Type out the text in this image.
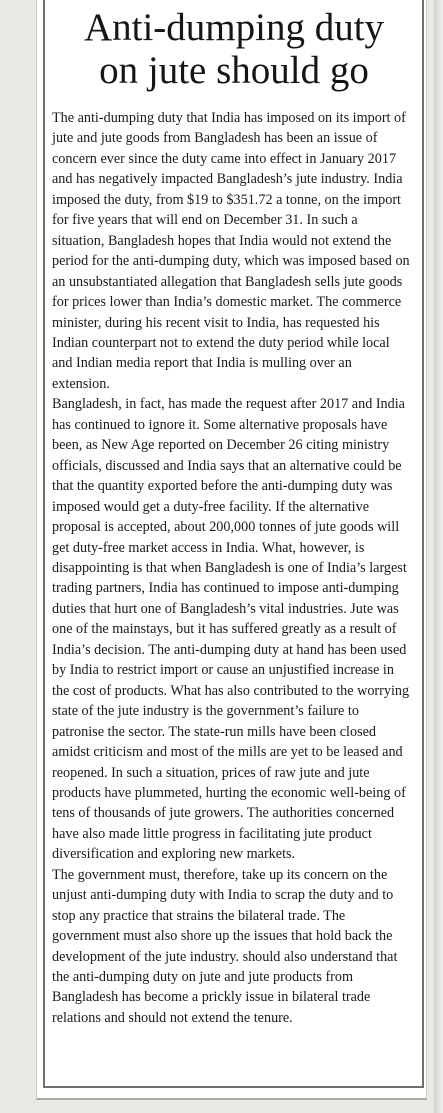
Anti-dumping duty
on jute should go

The anti-dumping duty that India has imposed on its import of jute and jute goods from Bangladesh has been an issue of concern ever since the duty came into effect in January 2017 and has negatively impacted Bangladesh’s jute industry. India imposed the duty, from $19 to $351.72 a tonne, on the import for five years that will end on December 31. In such a situation, Bangladesh hopes that India would not extend the period for the anti-dumping duty, which was imposed based on an unsubstantiated allegation that Bangladesh sells jute goods for prices lower than India’s domestic market. The commerce minister, during his recent visit to India, has requested his Indian counterpart not to extend the duty period while local and Indian media report that India is mulling over an extension.

Bangladesh, in fact, has made the request after 2017 and India has continued to ignore it. Some alternative proposals have been, as New Age reported on December 26 citing ministry officials, discussed and India says that an alternative could be that the quantity exported before the anti-dumping duty was imposed would get a duty-free facility. If the alternative proposal is accepted, about 200,000 tonnes of jute goods will get duty-free market access in India. What, however, is disappointing is that when Bangladesh is one of India’s largest trading partners, India has continued to impose anti-dumping duties that hurt one of Bangladesh’s vital industries. Jute was one of the mainstays, but it has suffered greatly as a result of India’s decision. The anti-dumping duty at hand has been used by India to restrict import or cause an unjustified increase in the cost of products. What has also contributed to the worrying state of the jute industry is the government’s failure to patronise the sector. The state-run mills have been closed amidst criticism and most of the mills are yet to be leased and reopened. In such a situation, prices of raw jute and jute products have plummeted, hurting the economic well-being of tens of thousands of jute growers. The authorities concerned have also made little progress in facilitating jute product diversification and exploring new markets.

The government must, therefore, take up its concern on the unjust anti-dumping duty with India to scrap the duty and to stop any practice that strains the bilateral trade. The government must also shore up the issues that hold back the development of the jute industry. should also understand that the anti-dumping duty on jute and jute products from Bangladesh has become a prickly issue in bilateral trade relations and should not extend the tenure.
